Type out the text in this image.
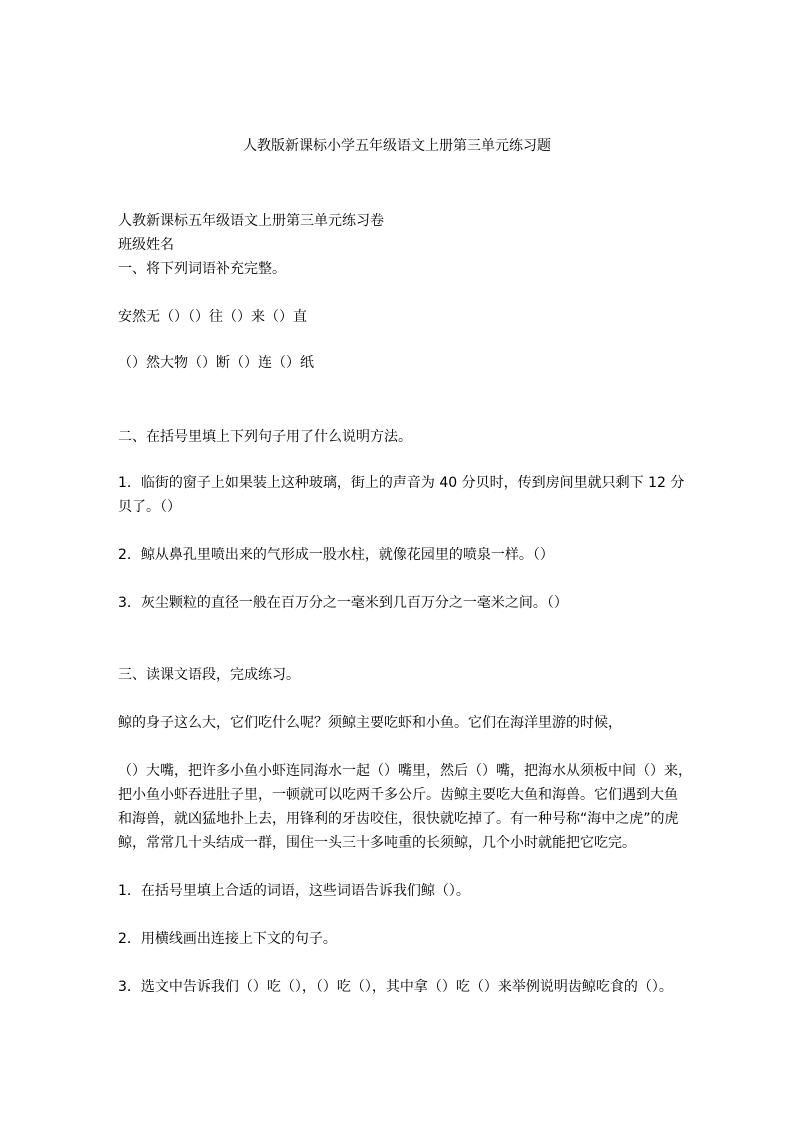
人教版新课标小学五年级语文上册第三单元练习题

人教新课标五年级语文上册第三单元练习卷

班级姓名

一、将下列词语补充完整。

安然无（）（）往（）来（）直

（）然大物（）断（）连（）纸

二、在括号里填上下列句子用了什么说明方法。

1．临街的窗子上如果装上这种玻璃，街上的声音为 40 分贝时，传到房间里就只剩下 12 分

贝了。（）

2．鲸从鼻孔里喷出来的气形成一股水柱，就像花园里的喷泉一样。（）

3．灰尘颗粒的直径一般在百万分之一毫米到几百万分之一毫米之间。（）

三、读课文语段，完成练习。

鲸的身子这么大，它们吃什么呢？须鲸主要吃虾和小鱼。它们在海洋里游的时候，

（）大嘴，把许多小鱼小虾连同海水一起（）嘴里，然后（）嘴，把海水从须板中间（）来，

把小鱼小虾吞进肚子里，一顿就可以吃两千多公斤。齿鲸主要吃大鱼和海兽。它们遇到大鱼

和海兽，就凶猛地扑上去，用锋利的牙齿咬住，很快就吃掉了。有一种号称“海中之虎”的虎

鲸，常常几十头结成一群，围住一头三十多吨重的长须鲸，几个小时就能把它吃完。

1．在括号里填上合适的词语，这些词语告诉我们鲸（）。

2．用横线画出连接上下文的句子。

3．选文中告诉我们（）吃（），（）吃（），其中拿（）吃（）来举例说明齿鲸吃食的（）。
